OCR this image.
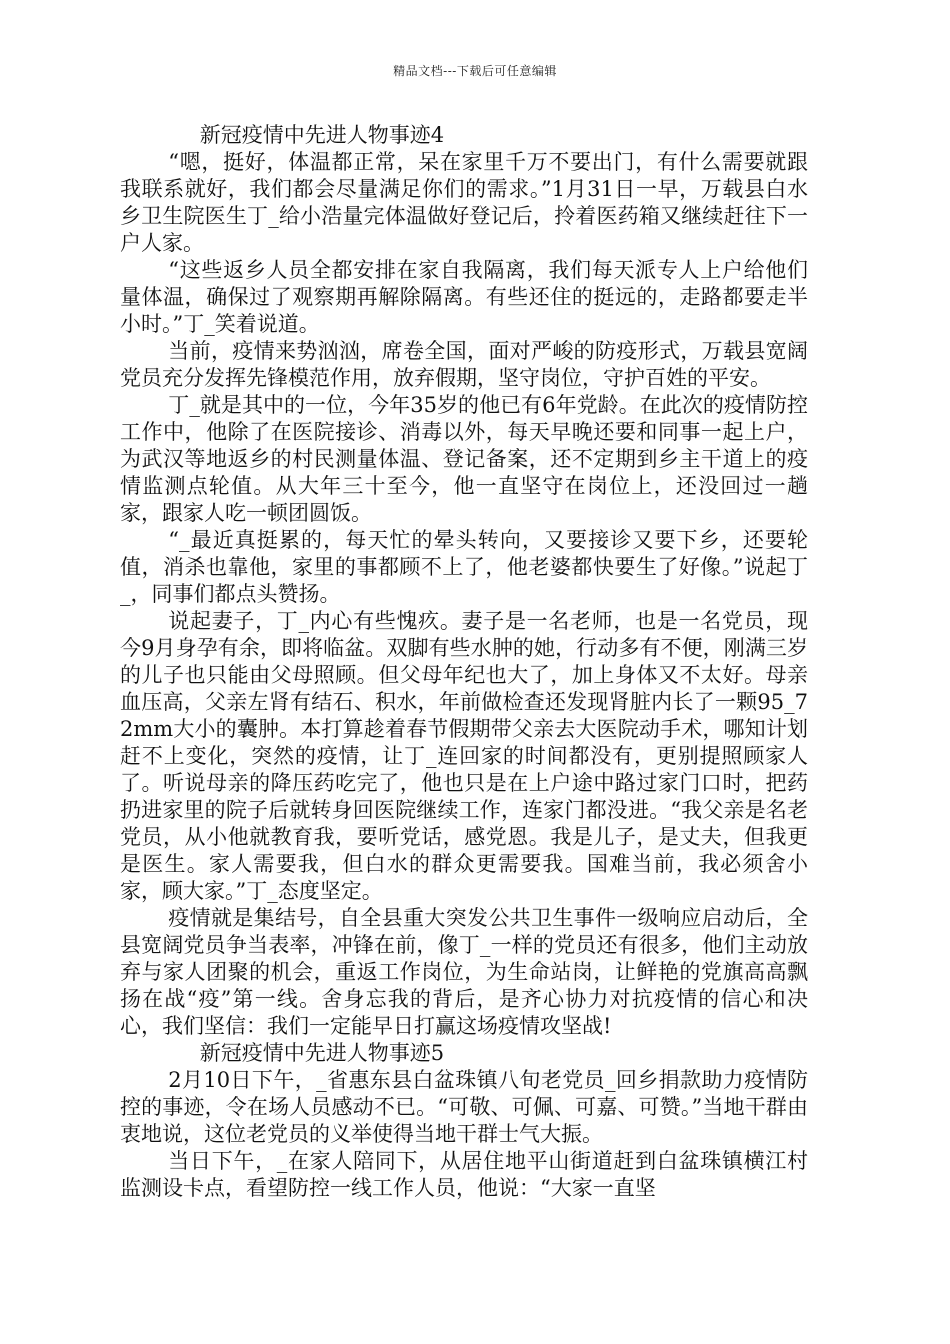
精品文档---下载后可任意编辑

新冠疫情中先进人物事迹4

“嗯，挺好，体温都正常，呆在家里千万不要出门，有什么需要就跟我联系就好，我们都会尽量满足你们的需求。”1月31日一早，万载县白水乡卫生院医生丁_给小浩量完体温做好登记后，拎着医药箱又继续赶往下一户人家。

“这些返乡人员全都安排在家自我隔离，我们每天派专人上户给他们量体温，确保过了观察期再解除隔离。有些还住的挺远的，走路都要走半小时。”丁_笑着说道。

当前，疫情来势汹汹，席卷全国，面对严峻的防疫形式，万载县宽阔党员充分发挥先锋模范作用，放弃假期，坚守岗位，守护百姓的平安。

丁_就是其中的一位，今年35岁的他已有6年党龄。在此次的疫情防控工作中，他除了在医院接诊、消毒以外，每天早晚还要和同事一起上户，为武汉等地返乡的村民测量体温、登记备案，还不定期到乡主干道上的疫情监测点轮值。从大年三十至今，他一直坚守在岗位上，还没回过一趟家，跟家人吃一顿团圆饭。

“_最近真挺累的，每天忙的晕头转向，又要接诊又要下乡，还要轮值，消杀也靠他，家里的事都顾不上了，他老婆都快要生了好像。”说起丁_，同事们都点头赞扬。

说起妻子，丁_内心有些愧疚。妻子是一名老师，也是一名党员，现今9月身孕有余，即将临盆。双脚有些水肿的她，行动多有不便，刚满三岁的儿子也只能由父母照顾。但父母年纪也大了，加上身体又不太好。母亲血压高，父亲左肾有结石、积水，年前做检查还发现肾脏内长了一颗95_72mm大小的囊肿。本打算趁着春节假期带父亲去大医院动手术，哪知计划赶不上变化，突然的疫情，让丁_连回家的时间都没有，更别提照顾家人了。听说母亲的降压药吃完了，他也只是在上户途中路过家门口时，把药扔进家里的院子后就转身回医院继续工作，连家门都没进。“我父亲是名老党员，从小他就教育我，要听党话，感党恩。我是儿子，是丈夫，但我更是医生。家人需要我，但白水的群众更需要我。国难当前，我必须舍小家，顾大家。”丁_态度坚定。

疫情就是集结号，自全县重大突发公共卫生事件一级响应启动后，全县宽阔党员争当表率，冲锋在前，像丁_一样的党员还有很多，他们主动放弃与家人团聚的机会，重返工作岗位，为生命站岗，让鲜艳的党旗高高飘扬在战“疫”第一线。舍身忘我的背后，是齐心协力对抗疫情的信心和决心，我们坚信：我们一定能早日打赢这场疫情攻坚战!

新冠疫情中先进人物事迹5

2月10日下午，_省惠东县白盆珠镇八旬老党员_回乡捐款助力疫情防控的事迹，令在场人员感动不已。“可敬、可佩、可嘉、可赞。”当地干群由衷地说，这位老党员的义举使得当地干群士气大振。

当日下午，_在家人陪同下，从居住地平山街道赶到白盆珠镇横江村监测设卡点，看望防控一线工作人员，他说：“大家一直坚
